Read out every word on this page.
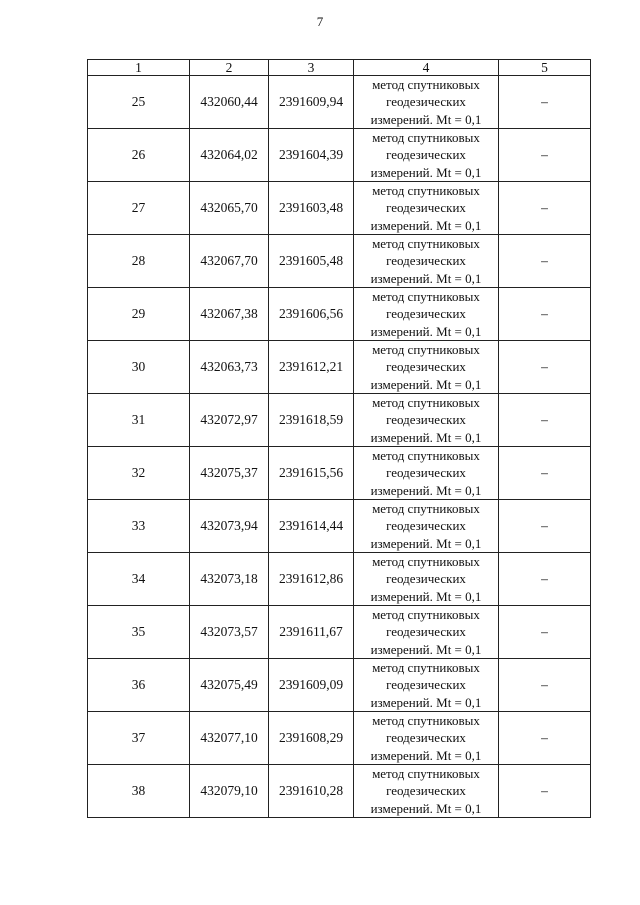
7
1	2	3	4	5
25	432060,44	2391609,94	метод спутниковых геодезических измерений. Mt = 0,1	–
26	432064,02	2391604,39	метод спутниковых геодезических измерений. Mt = 0,1	–
27	432065,70	2391603,48	метод спутниковых геодезических измерений. Mt = 0,1	–
28	432067,70	2391605,48	метод спутниковых геодезических измерений. Mt = 0,1	–
29	432067,38	2391606,56	метод спутниковых геодезических измерений. Mt = 0,1	–
30	432063,73	2391612,21	метод спутниковых геодезических измерений. Mt = 0,1	–
31	432072,97	2391618,59	метод спутниковых геодезических измерений. Mt = 0,1	–
32	432075,37	2391615,56	метод спутниковых геодезических измерений. Mt = 0,1	–
33	432073,94	2391614,44	метод спутниковых геодезических измерений. Mt = 0,1	–
34	432073,18	2391612,86	метод спутниковых геодезических измерений. Mt = 0,1	–
35	432073,57	2391611,67	метод спутниковых геодезических измерений. Mt = 0,1	–
36	432075,49	2391609,09	метод спутниковых геодезических измерений. Mt = 0,1	–
37	432077,10	2391608,29	метод спутниковых геодезических измерений. Mt = 0,1	–
38	432079,10	2391610,28	метод спутниковых геодезических измерений. Mt = 0,1	–
